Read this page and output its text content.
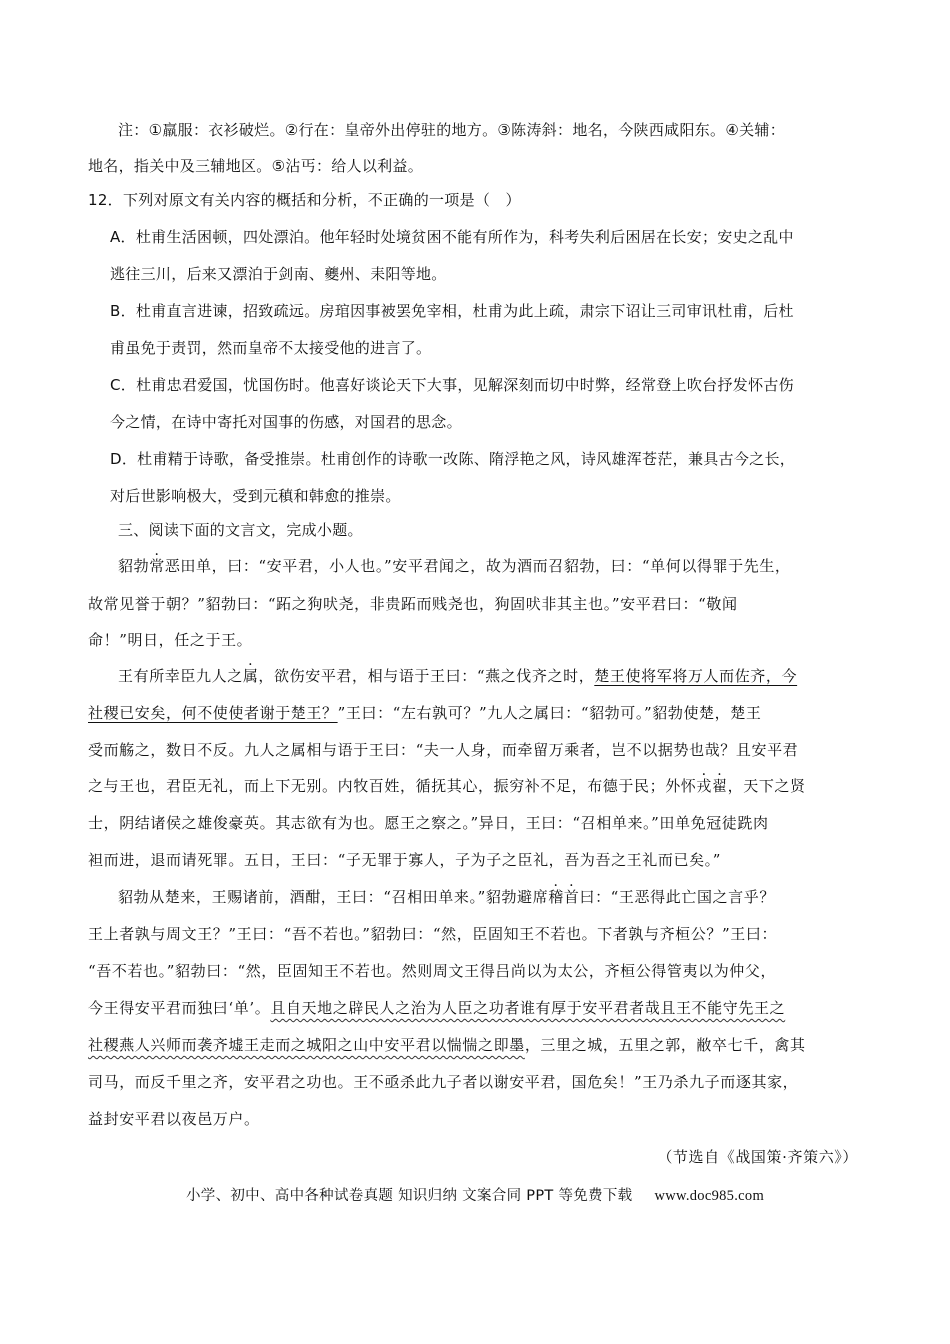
注：①羸服：衣衫破烂。②行在：皇帝外出停驻的地方。③陈涛斜：地名，今陕西咸阳东。④关辅：
地名，指关中及三辅地区。⑤沾丐：给人以利益。
12．下列对原文有关内容的概括和分析，不正确的一项是（　）
A．杜甫生活困顿，四处漂泊。他年轻时处境贫困不能有所作为，科考失利后困居在长安；安史之乱中
逃往三川，后来又漂泊于剑南、夔州、耒阳等地。
B．杜甫直言进谏，招致疏远。房琯因事被罢免宰相，杜甫为此上疏，肃宗下诏让三司审讯杜甫，后杜
甫虽免于责罚，然而皇帝不太接受他的进言了。
C．杜甫忠君爱国，忧国伤时。他喜好谈论天下大事，见解深刻而切中时弊，经常登上吹台抒发怀古伤
今之情，在诗中寄托对国事的伤感，对国君的思念。
D．杜甫精于诗歌，备受推崇。杜甫创作的诗歌一改陈、隋浮艳之风，诗风雄浑苍茫，兼具古今之长，
对后世影响极大，受到元稹和韩愈的推崇。
三、阅读下面的文言文，完成小题。
貂勃常恶田单，曰：“安平君，小人也。”安平君闻之，故为酒而召貂勃，曰：“单何以得罪于先生，
故常见誉于朝？”貂勃曰：“跖之狗吠尧，非贵跖而贱尧也，狗固吠非其主也。”安平君曰：“敬闻
命！”明日，任之于王。
王有所幸臣九人之属，欲伤安平君，相与语于王曰：“燕之伐齐之时，楚王使将军将万人而佐齐，今
社稷已安矣，何不使使者谢于楚王？”王曰：“左右孰可？”九人之属曰：“貂勃可。”貂勃使楚，楚王
受而觞之，数日不反。九人之属相与语于王曰：“夫一人身，而牵留万乘者，岂不以据势也哉？且安平君
之与王也，君臣无礼，而上下无别。内牧百姓，循抚其心，振穷补不足，布德于民；外怀戎翟，天下之贤
士，阴结诸侯之雄俊豪英。其志欲有为也。愿王之察之。”异日，王曰：“召相单来。”田单免冠徒跣肉
袒而进，退而请死罪。五日，王曰：“子无罪于寡人，子为子之臣礼，吾为吾之王礼而已矣。”
貂勃从楚来，王赐诸前，酒酣，王曰：“召相田单来。”貂勃避席稽首曰：“王恶得此亡国之言乎？
王上者孰与周文王？”王曰：“吾不若也。”貂勃曰：“然，臣固知王不若也。下者孰与齐桓公？”王曰：
“吾不若也。”貂勃曰：“然，臣固知王不若也。然则周文王得吕尚以为太公，齐桓公得管夷以为仲父，
今王得安平君而独曰‘单’。且自天地之辟民人之治为人臣之功者谁有厚于安平君者哉且王不能守先王之
社稷燕人兴师而袭齐墟王走而之城阳之山中安平君以惴惴之即墨，三里之城，五里之郭，敝卒七千，禽其
司马，而反千里之齐，安平君之功也。王不亟杀此九子者以谢安平君，国危矣！”王乃杀九子而逐其家，
益封安平君以夜邑万户。
（节选自《战国策·齐策六》）
小学、初中、高中各种试卷真题 知识归纳 文案合同 PPT 等免费下载 www.doc985.com
